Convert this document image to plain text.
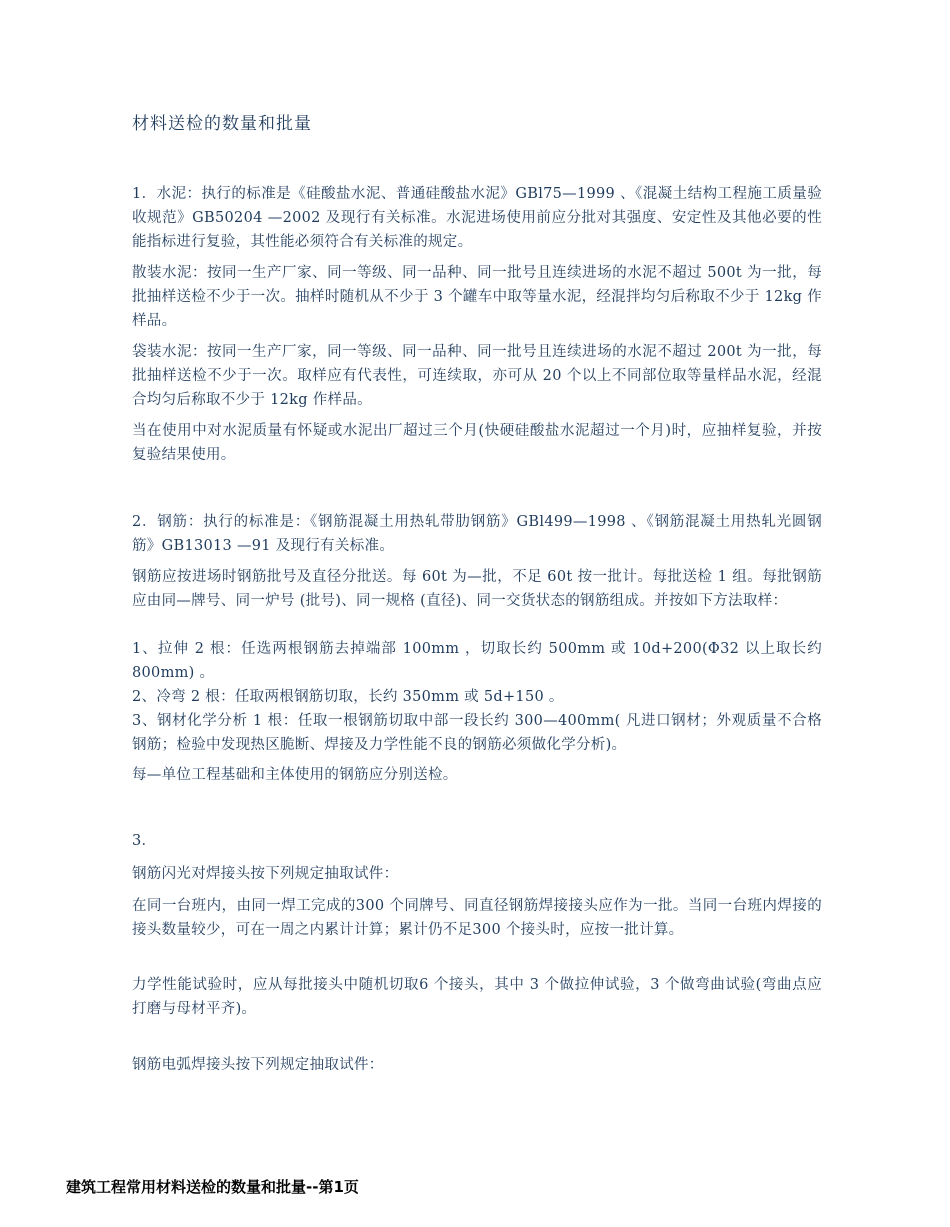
材料送检的数量和批量
1．水泥：执行的标准是《硅酸盐水泥、普通硅酸盐水泥》GBl75—1999 、《混凝土结构工程施工质量验收规范》GB50204 —2002 及现行有关标准。水泥进场使用前应分批对其强度、安定性及其他必要的性能指标进行复验，其性能必须符合有关标准的规定。
散装水泥：按同一生产厂家、同一等级、同一品种、同一批号且连续进场的水泥不超过 500t 为一批，每批抽样送检不少于一次。抽样时随机从不少于 3 个罐车中取等量水泥，经混拌均匀后称取不少于 12kg 作样品。
袋装水泥：按同一生产厂家，同一等级、同一品种、同一批号且连续进场的水泥不超过 200t 为一批，每批抽样送检不少于一次。取样应有代表性，可连续取，亦可从 20 个以上不同部位取等量样品水泥，经混合均匀后称取不少于 12kg 作样品。
当在使用中对水泥质量有怀疑或水泥出厂超过三个月(快硬硅酸盐水泥超过一个月)时，应抽样复验，并按复验结果使用。
2．钢筋：执行的标准是：《钢筋混凝土用热轧带肋钢筋》GBl499—1998 、《钢筋混凝土用热轧光圆钢筋》GB13013 —91 及现行有关标准。
钢筋应按进场时钢筋批号及直径分批送。每 60t 为—批，不足 60t 按一批计。每批送检 1 组。每批钢筋应由同—牌号、同一炉号 (批号)、同一规格 (直径)、同一交货状态的钢筋组成。并按如下方法取样：
1、拉伸 2 根：任选两根钢筋去掉端部 100mm ，切取长约 500mm 或 10d+200(Φ32 以上取长约 800mm) 。
2、冷弯 2 根：任取两根钢筋切取，长约 350mm 或 5d+150 。
3、钢材化学分析 1 根：任取一根钢筋切取中部一段长约 300—400mm( 凡进口钢材；外观质量不合格钢筋；检验中发现热区脆断、焊接及力学性能不良的钢筋必须做化学分析)。
每—单位工程基础和主体使用的钢筋应分别送检。
3．
钢筋闪光对焊接头按下列规定抽取试件：
在同一台班内，由同一焊工完成的300 个同牌号、同直径钢筋焊接接头应作为一批。当同一台班内焊接的接头数量较少，可在一周之内累计计算；累计仍不足300 个接头时，应按一批计算。
力学性能试验时，应从每批接头中随机切取6 个接头，其中 3 个做拉伸试验，3 个做弯曲试验(弯曲点应打磨与母材平齐)。
钢筋电弧焊接头按下列规定抽取试件：
建筑工程常用材料送检的数量和批量--第1页
